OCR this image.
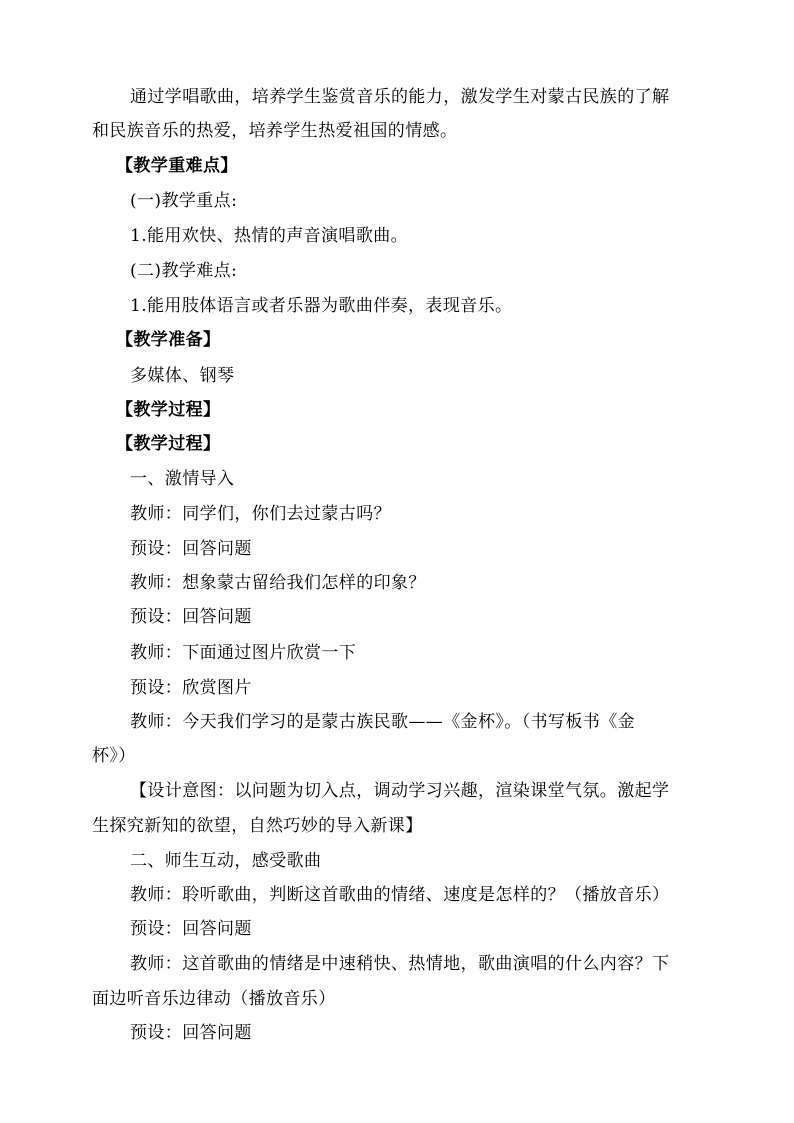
通过学唱歌曲，培养学生鉴赏音乐的能力，激发学生对蒙古民族的了解

和民族音乐的热爱，培养学生热爱祖国的情感。

【教学重难点】

(一)教学重点:

1.能用欢快、热情的声音演唱歌曲。

(二)教学难点:

1.能用肢体语言或者乐器为歌曲伴奏，表现音乐。

【教学准备】

多媒体、钢琴

【教学过程】

【教学过程】

一、激情导入

教师：同学们，你们去过蒙古吗？

预设：回答问题

教师：想象蒙古留给我们怎样的印象？

预设：回答问题

教师：下面通过图片欣赏一下

预设：欣赏图片

教师：今天我们学习的是蒙古族民歌——《金杯》。（书写板书《金

杯》）

【设计意图：以问题为切入点，调动学习兴趣，渲染课堂气氛。激起学

生探究新知的欲望，自然巧妙的导入新课】

二、师生互动，感受歌曲

教师：聆听歌曲，判断这首歌曲的情绪、速度是怎样的？（播放音乐）

预设：回答问题

教师：这首歌曲的情绪是中速稍快、热情地，歌曲演唱的什么内容？下

面边听音乐边律动（播放音乐）

预设：回答问题
